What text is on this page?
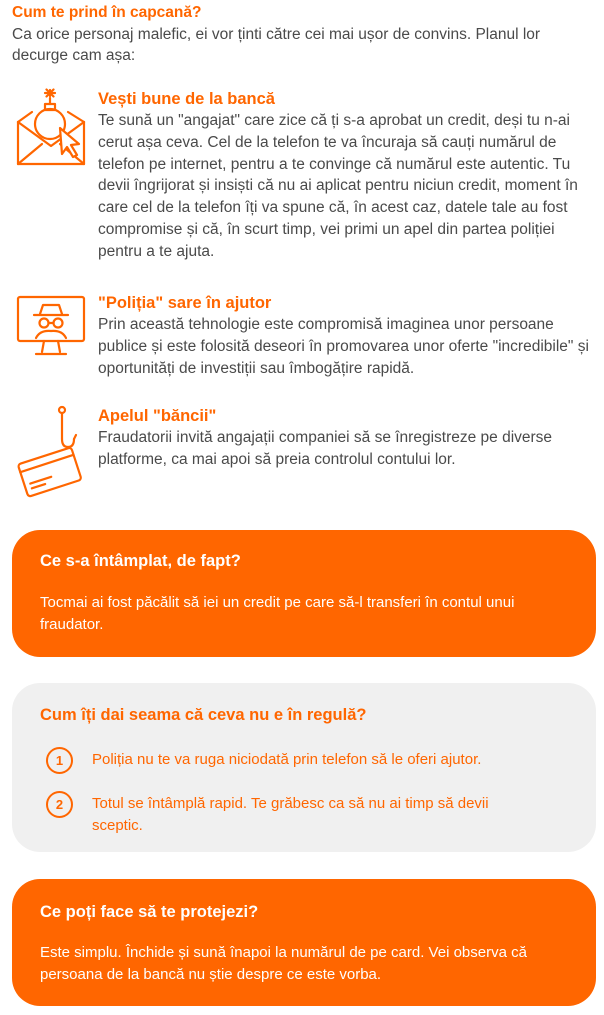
Cum te prind în capcană?
Ca orice personaj malefic, ei vor ținti către cei mai ușor de convins. Planul lor decurge cam așa:
Vești bune de la bancă
Te sună un "angajat" care zice că ți s-a aprobat un credit, deși tu n-ai cerut așa ceva. Cel de la telefon te va încuraja să cauți numărul de telefon pe internet, pentru a te convinge că numărul este autentic. Tu devii îngrijorat și insiști că nu ai aplicat pentru niciun credit, moment în care cel de la telefon îți va spune că, în acest caz, datele tale au fost compromise și că, în scurt timp, vei primi un apel din partea poliției pentru a te ajuta.
"Poliția" sare în ajutor
Prin această tehnologie este compromisă imaginea unor persoane publice și este folosită deseori în promovarea unor oferte "incredibile" și oportunități de investiții sau îmbogățire rapidă.
Apelul "băncii"
Fraudatorii invită angajații companiei să se înregistreze pe diverse platforme, ca mai apoi să preia controlul contului lor.
Ce s-a întâmplat, de fapt?
Tocmai ai fost păcălit să iei un credit pe care să-l transferi în contul unui fraudator.
Cum îți dai seama că ceva nu e în regulă?
1	Poliția nu te va ruga niciodată prin telefon să le oferi ajutor.
2	Totul se întâmplă rapid. Te grăbesc ca să nu ai timp să devii sceptic.
Ce poți face să te protejezi?
Este simplu. Închide și sună înapoi la numărul de pe card. Vei observa că persoana de la bancă nu știe despre ce este vorba.
